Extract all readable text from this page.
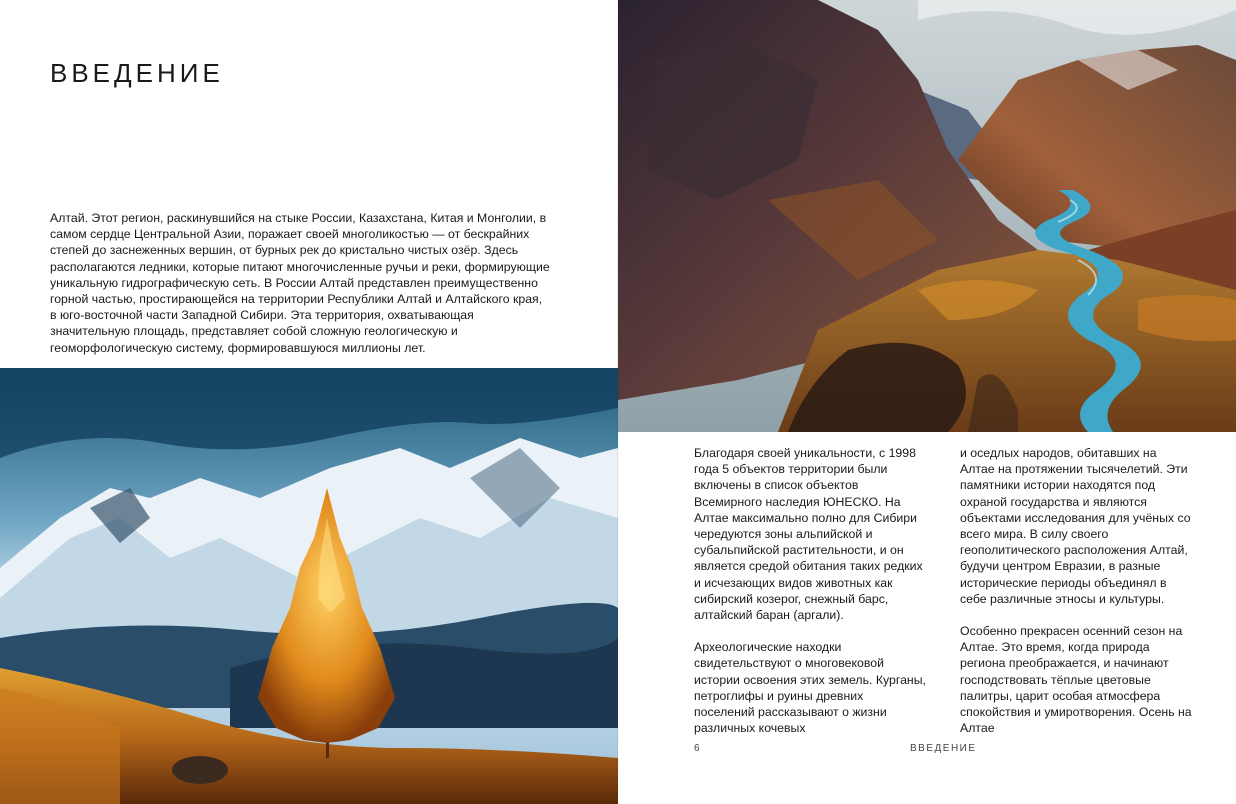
ВВЕДЕНИЕ

Алтай. Этот регион, раскинувшийся на стыке России, Казахстана, Китая и Монголии, в самом сердце Центральной Азии, поражает своей многоликостью — от бескрайних степей до заснеженных вершин, от бурных рек до кристально чистых озёр. Здесь располагаются ледники, которые питают многочисленные ручьи и реки, формирующие уникальную гидрографическую сеть. В России Алтай представлен преимущественно горной частью, простирающейся на территории Республики Алтай и Алтайского края, в юго-восточной части Западной Сибири. Эта территория, охватывающая значительную площадь, представляет собой сложную геологическую и геоморфологическую систему, формировавшуюся миллионы лет.

Благодаря своей уникальности, с 1998 года 5 объектов территории были включены в список объектов Всемирного наследия ЮНЕСКО. На Алтае максимально полно для Сибири чередуются зоны альпийской и субальпийской растительности, и он является средой обитания таких редких и исчезающих видов животных как сибирский козерог, снежный барс, алтайский баран (аргали).

Археологические находки свидетельствуют о многовековой истории освоения этих земель. Курганы, петроглифы и руины древних поселений рассказывают о жизни различных кочевых

и оседлых народов, обитавших на Алтае на протяжении тысячелетий. Эти памятники истории находятся под охраной государства и являются объектами исследования для учёных со всего мира. В силу своего геополитического расположения Алтай, будучи центром Евразии, в разные исторические периоды объединял в себе различные этносы и культуры.

Особенно прекрасен осенний сезон на Алтае. Это время, когда природа региона преображается, и начинают господствовать тёплые цветовые палитры, царит особая атмосфера спокойствия и умиротворения. Осень на Алтае

6	ВВЕДЕНИЕ
